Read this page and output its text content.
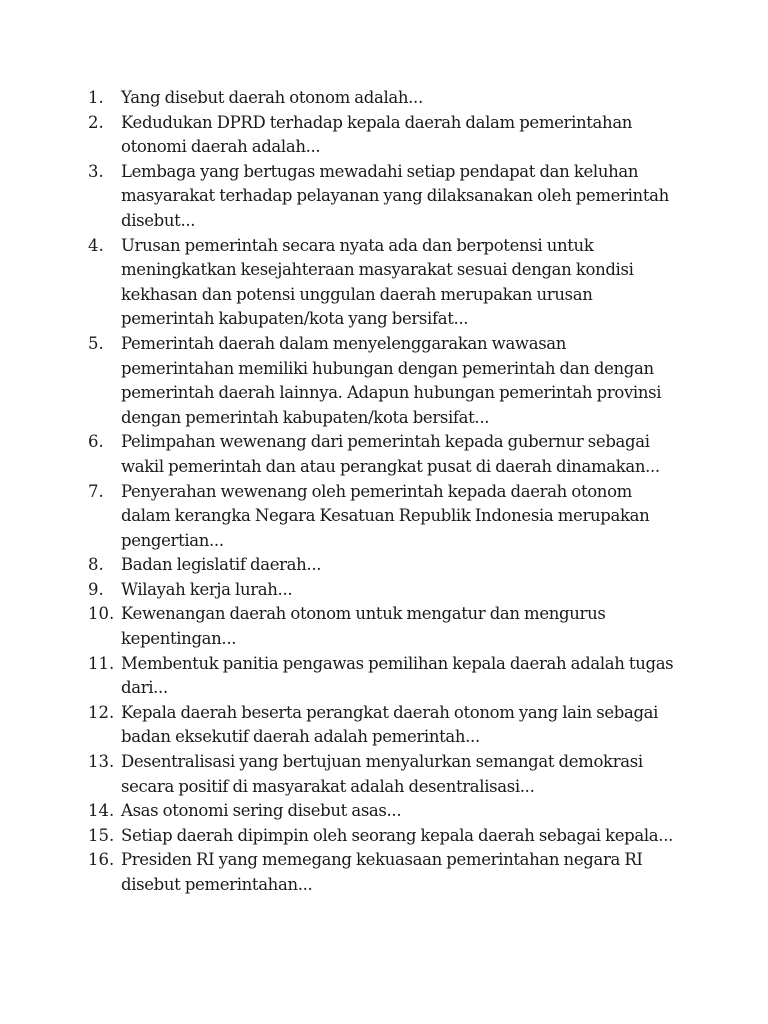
1.	Yang disebut daerah otonom adalah...
2.	Kedudukan DPRD terhadap kepala daerah dalam pemerintahan otonomi daerah adalah...
3.	Lembaga yang bertugas mewadahi setiap pendapat dan keluhan masyarakat terhadap pelayanan yang dilaksanakan oleh pemerintah disebut...
4.	Urusan pemerintah secara nyata ada dan berpotensi untuk meningkatkan kesejahteraan masyarakat sesuai dengan kondisi kekhasan dan potensi unggulan daerah merupakan urusan pemerintah kabupaten/kota yang bersifat...
5.	Pemerintah daerah dalam menyelenggarakan wawasan pemerintahan memiliki hubungan dengan pemerintah dan dengan pemerintah daerah lainnya. Adapun hubungan pemerintah provinsi dengan pemerintah kabupaten/kota bersifat...
6.	Pelimpahan wewenang dari pemerintah kepada gubernur sebagai wakil pemerintah dan atau perangkat pusat di daerah dinamakan...
7.	Penyerahan wewenang oleh pemerintah kepada daerah otonom dalam kerangka Negara Kesatuan Republik Indonesia merupakan pengertian...
8.	Badan legislatif daerah...
9.	Wilayah kerja lurah...
10. Kewenangan daerah otonom untuk mengatur dan mengurus kepentingan...
11. Membentuk panitia pengawas pemilihan kepala daerah adalah tugas dari...
12. Kepala daerah beserta perangkat daerah otonom yang lain sebagai badan eksekutif daerah adalah pemerintah...
13. Desentralisasi yang bertujuan menyalurkan semangat demokrasi secara positif di masyarakat adalah desentralisasi...
14. Asas otonomi sering disebut asas...
15. Setiap daerah dipimpin oleh seorang kepala daerah sebagai kepala...
16. Presiden RI yang memegang kekuasaan pemerintahan negara RI disebut pemerintahan...
